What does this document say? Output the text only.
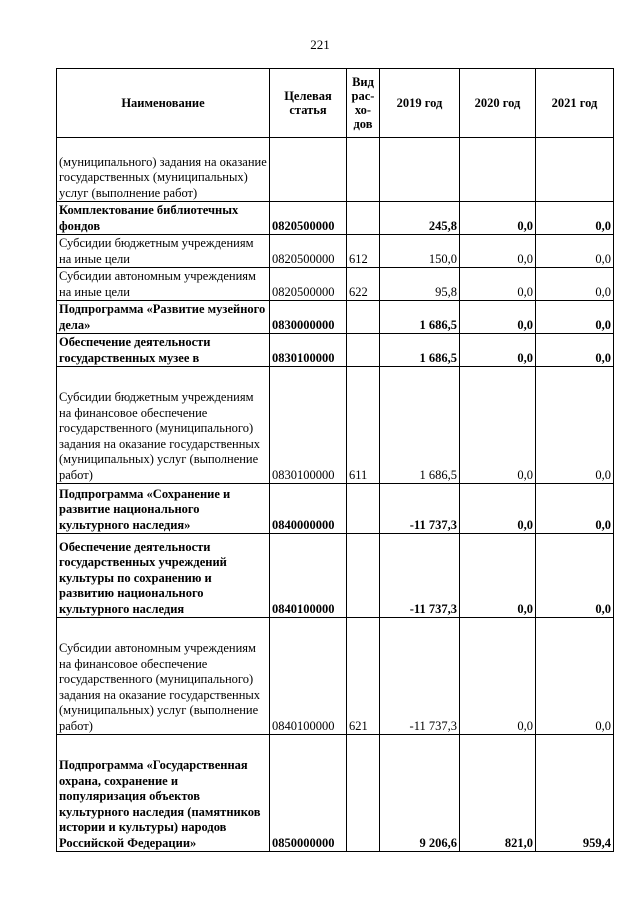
221
Наименование	Целевая статья	Вид рас-хо-дов	2019 год	2020 год	2021 год
(муниципального) задания на оказание государственных (муниципальных) услуг (выполнение работ)					
Комплектование библиотечных фондов	0820500000		245,8	0,0	0,0
Субсидии бюджетным учреждениям на иные цели	0820500000	612	150,0	0,0	0,0
Субсидии автономным учреждениям на иные цели	0820500000	622	95,8	0,0	0,0
Подпрограмма «Развитие музейного дела»	0830000000		1 686,5	0,0	0,0
Обеспечение деятельности государственных музее в	0830100000		1 686,5	0,0	0,0
Субсидии бюджетным учреждениям на финансовое обеспечение государственного (муниципального) задания на оказание государственных (муниципальных) услуг (выполнение работ)	0830100000	611	1 686,5	0,0	0,0
Подпрограмма «Сохранение и развитие национального культурного наследия»	0840000000		-11 737,3	0,0	0,0
Обеспечение деятельности государственных учреждений культуры по сохранению и развитию национального культурного наследия	0840100000		-11 737,3	0,0	0,0
Субсидии автономным учреждениям на финансовое обеспечение государственного (муниципального) задания на оказание государственных (муниципальных) услуг (выполнение работ)	0840100000	621	-11 737,3	0,0	0,0
Подпрограмма «Государственная охрана, сохранение и популяризация объектов культурного наследия (памятников истории и культуры) народов Российской Федерации»	0850000000		9 206,6	821,0	959,4
